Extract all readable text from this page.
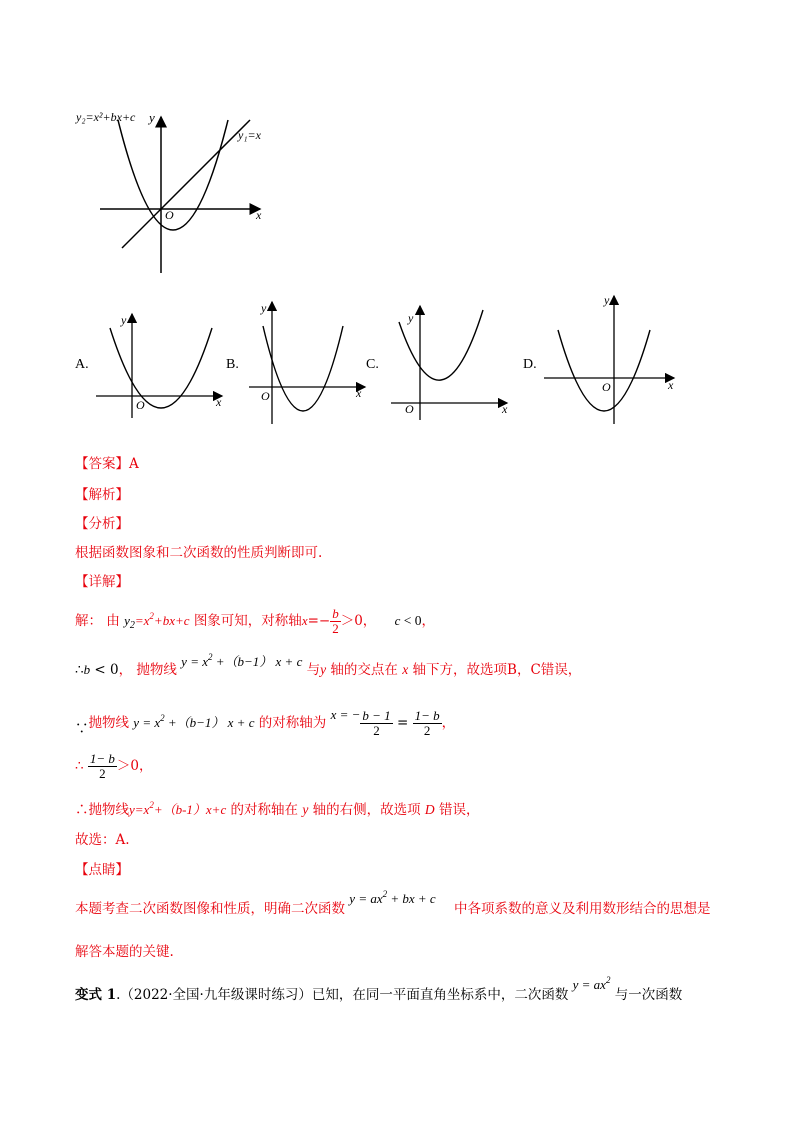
y₂=x²+bx+c y
y₁=x
O	x
A.
y
O	x
B.
y
O	x
C.
y
O	x
D.
y
O	x
【答案】A
【解析】
【分析】
根据函数图象和二次函数的性质判断即可.
【详解】
解： 由 $y_2=x^2+bx+c$ 图象可知，对称轴$x=- \frac{b}{2} >0$， c < 0，
∴b < 0， 抛物线 $y = x^2 +(b-1) x + c$ 与y 轴的交点在 x 轴下方，故选项B，C错误，
∵抛物线 $y = x^2 +(b-1) x + c$ 的对称轴为 x = − $\frac{b - 1}{2} = \frac{1- b}{2}$ ，
∴ $\frac{1- b}{2} >0$，
∴抛物线$y=x^2+(b-1)x+c$ 的对称轴在 y 轴的右侧，故选项 D 错误，
故选：A.
【点睛】
本题考查二次函数图像和性质，明确二次函数 $y = ax^2$ + bx + c 中各项系数的意义及利用数形结合的思想是
解答本题的关键.
变式 1.（2022·全国·九年级课时练习）已知，在同一平面直角坐标系中，二次函数 $y = ax^2$ 与一次函数
